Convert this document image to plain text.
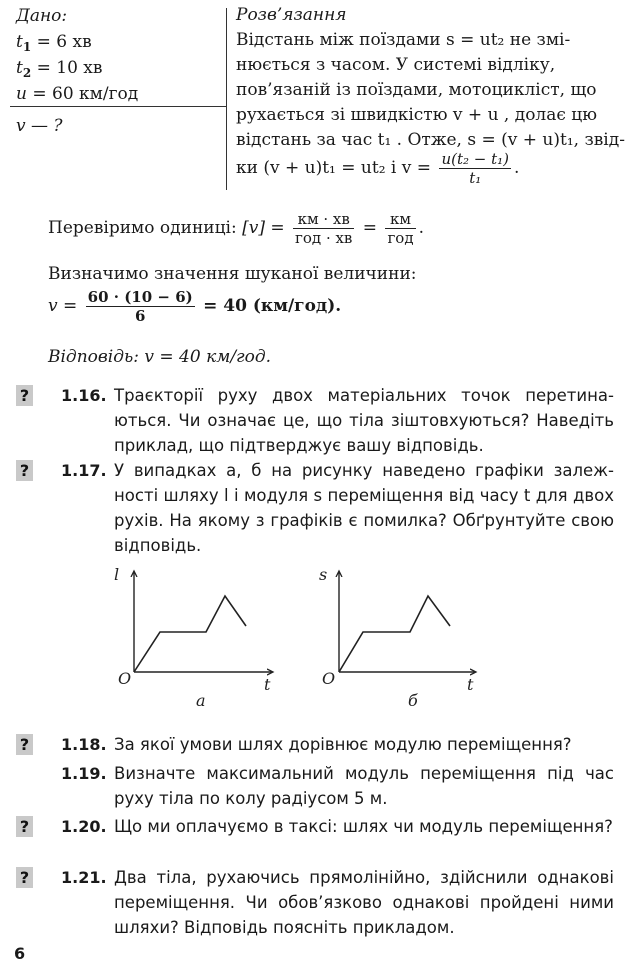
Дано:
$t_1 = 6$ хв
$t_2 = 10$ хв
u = 60 км/год
v — ?
Розв’язання
Відстань між поїздами s = ut₂ не змі-
нюється з часом. У системі відліку,
пов’язаній із поїздами, мотоцикліст, що
рухається зі швидкістю v + u , долає цю
відстань за час t₁ . Отже, s = (v + u)t₁, звід-
ки (v + u)t₁ = ut₂ і $v = \frac{\text{u(t₂ − t₁)}}{\text{t₁}}$ .
Перевіримо одиниці: $[v] = \frac{км \cdot хв}{\text{год · хв}} = \frac{км}{\text{год}}$ .
Визначимо значення шуканої величини:
$v = \frac{60 \cdot (10 - 6)}{6} = 40$ (км/год).
Відповідь: v = 40 км/год.
? 1.16. Траєкторії руху двох матеріальних точок перетинаються. Чи означає це, що тіла зіштовхуються? Наведіть приклад, що підтверджує вашу відповідь.
? 1.17. У випадках а, б на рисунку наведено графіки залежності шляху l і модуля s переміщення від часу t для двох рухів. На якому з графіків є помилка? Обґрунтуйте свою відповідь.
l
t
O
а
s
t
O
б
? 1.18. За якої умови шлях дорівнює модулю переміщення?
1.19. Визначте максимальний модуль переміщення під час руху тіла по колу радіусом 5 м.
? 1.20. Що ми оплачуємо в таксі: шлях чи модуль переміщення?
? 1.21. Два тіла, рухаючись прямолінійно, здійснили однакові переміщення. Чи обов’язково однакові пройдені ними шляхи? Відповідь поясніть прикладом.
6
